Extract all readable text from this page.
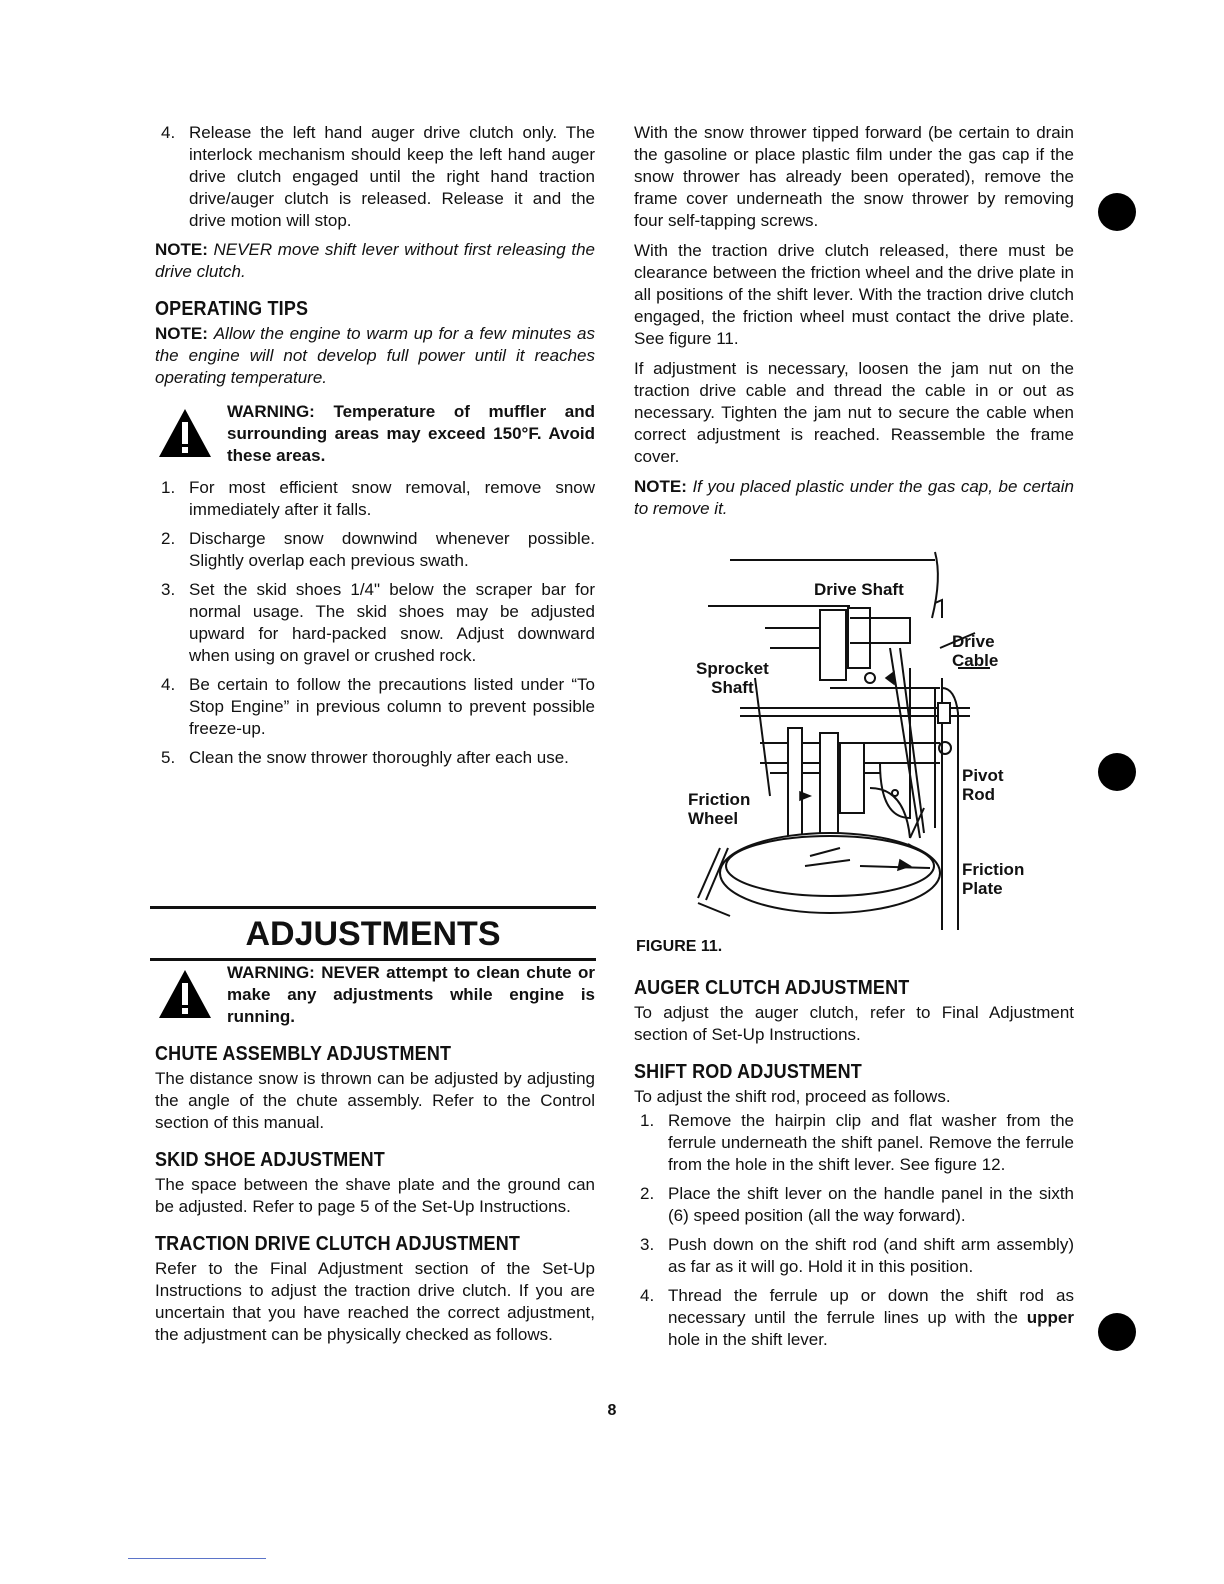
4. Release the left hand auger drive clutch only. The interlock mechanism should keep the left hand auger drive clutch engaged until the right hand traction drive/auger clutch is released. Release it and the drive motion will stop.

NOTE: NEVER move shift lever without first releasing the drive clutch.

OPERATING TIPS

NOTE: Allow the engine to warm up for a few minutes as the engine will not develop full power until it reaches operating temperature.

WARNING: Temperature of muffler and surrounding areas may exceed 150°F. Avoid these areas.

1. For most efficient snow removal, remove snow immediately after it falls.
2. Discharge snow downwind whenever possible. Slightly overlap each previous swath.
3. Set the skid shoes 1/4" below the scraper bar for normal usage. The skid shoes may be adjusted upward for hard-packed snow. Adjust downward when using on gravel or crushed rock.
4. Be certain to follow the precautions listed under “To Stop Engine” in previous column to prevent possible freeze-up.
5. Clean the snow thrower thoroughly after each use.
ADJUSTMENTS

WARNING: NEVER attempt to clean chute or make any adjustments while engine is running.

CHUTE ASSEMBLY ADJUSTMENT

The distance snow is thrown can be adjusted by adjusting the angle of the chute assembly. Refer to the Control section of this manual.

SKID SHOE ADJUSTMENT

The space between the shave plate and the ground can be adjusted. Refer to page 5 of the Set-Up Instructions.

TRACTION DRIVE CLUTCH ADJUSTMENT

Refer to the Final Adjustment section of the Set-Up Instructions to adjust the traction drive clutch. If you are uncertain that you have reached the correct adjustment, the adjustment can be physically checked as follows.

With the snow thrower tipped forward (be certain to drain the gasoline or place plastic film under the gas cap if the snow thrower has already been operated), remove the frame cover underneath the snow thrower by removing four self-tapping screws.

With the traction drive clutch released, there must be clearance between the friction wheel and the drive plate in all positions of the shift lever. With the traction drive clutch engaged, the friction wheel must contact the drive plate. See figure 11.

If adjustment is necessary, loosen the jam nut on the traction drive cable and thread the cable in or out as necessary. Tighten the jam nut to secure the cable when correct adjustment is reached. Reassemble the frame cover.

NOTE: If you placed plastic under the gas cap, be certain to remove it.

Drive Shaft
Drive
Cable
Sprocket
Shaft
Pivot
Rod
Friction
Wheel
Friction
Plate
FIGURE 11.
AUGER CLUTCH ADJUSTMENT

To adjust the auger clutch, refer to Final Adjustment section of Set-Up Instructions.

SHIFT ROD ADJUSTMENT

To adjust the shift rod, proceed as follows.

1. Remove the hairpin clip and flat washer from the ferrule underneath the shift panel. Remove the ferrule from the hole in the shift lever. See figure 12.
2. Place the shift lever on the handle panel in the sixth (6) speed position (all the way forward).
3. Push down on the shift rod (and shift arm assembly) as far as it will go. Hold it in this position.
4. Thread the ferrule up or down the shift rod as necessary until the ferrule lines up with the upper hole in the shift lever.
8
